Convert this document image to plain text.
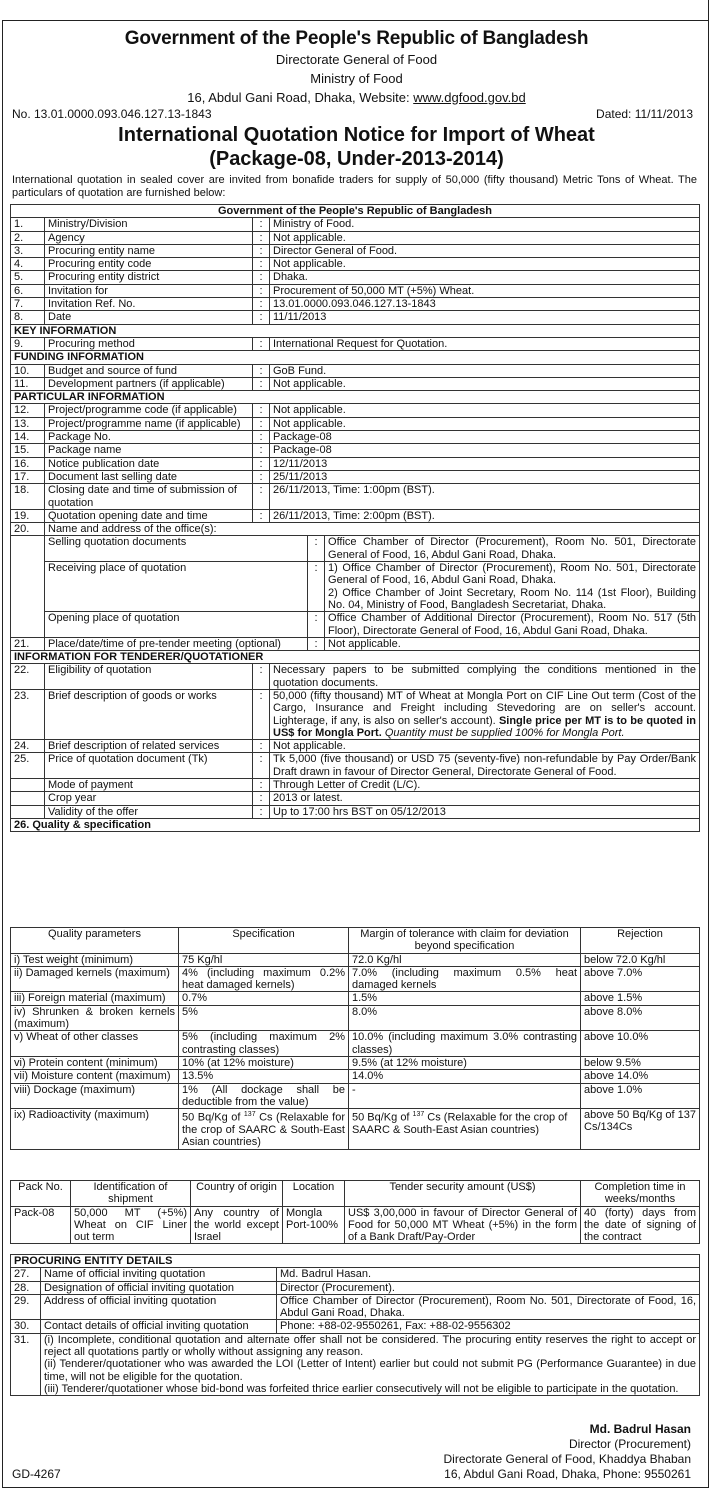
Government of the People's Republic of Bangladesh
Directorate General of Food
Ministry of Food
16, Abdul Gani Road, Dhaka, Website: www.dgfood.gov.bd
No. 13.01.0000.093.046.127.13-1843	Dated: 11/11/2013
International Quotation Notice for Import of Wheat
(Package-08, Under-2013-2014)
International quotation in sealed cover are invited from bonafide traders for supply of 50,000 (fifty thousand) Metric Tons of Wheat. The particulars of quotation are furnished below:
Government of the People's Republic of Bangladesh					
1.	Ministry/Division	:	Ministry of Food.		
2.	Agency	:	Not applicable.		
3.	Procuring entity name	:	Director General of Food.		
4.	Procuring entity code	:	Not applicable.		
5.	Procuring entity district	:	Dhaka.		
6.	Invitation for	:	Procurement of 50,000 MT (+5%) Wheat.		
7.	Invitation Ref. No.	:	13.01.0000.093.046.127.13-1843		
8.	Date	:	11/11/2013		
KEY INFORMATION					
9.	Procuring method	:	International Request for Quotation.		
FUNDING INFORMATION					
10.	Budget and source of fund	:	GoB Fund.		
11.	Development partners (if applicable)	:	Not applicable.		
PARTICULAR INFORMATION					
12.	Project/programme code (if applicable)	:	Not applicable.		
13.	Project/programme name (if applicable)	:	Not applicable.		
14.	Package No.	:	Package-08		
15.	Package name	:	Package-08		
16.	Notice publication date	:	12/11/2013		
17.	Document last selling date	:	25/11/2013		
18.	Closing date and time of submission of quotation	:	26/11/2013, Time: 1:00pm (BST).		
19.	Quotation opening date and time	:	26/11/2013, Time: 2:00pm (BST).		
20.	Name and address of the office(s):				
	Selling quotation documents			:	Office Chamber of Director (Procurement), Room No. 501, Directorate General of Food, 16, Abdul Gani Road, Dhaka.
	Receiving place of quotation			:	1) Office Chamber of Director (Procurement), Room No. 501, Directorate General of Food, 16, Abdul Gani Road, Dhaka.
2) Office Chamber of Joint Secretary, Room No. 114 (1st Floor), Building No. 04, Ministry of Food, Bangladesh Secretariat, Dhaka.

	Opening place of quotation			:	Office Chamber of Additional Director (Procurement), Room No. 517 (5th Floor), Directorate General of Food, 16, Abdul Gani Road, Dhaka.
21.	Place/date/time of pre-tender meeting (optional)			:	Not applicable.
INFORMATION FOR TENDERER/QUOTATIONER					
22.	Eligibility of quotation	:	Necessary papers to be submitted complying the conditions mentioned in the quotation documents.		
23.	Brief description of goods or works	:	50,000 (fifty thousand) MT of Wheat at Mongla Port on CIF Line Out term (Cost of the Cargo, Insurance and Freight including Stevedoring are on seller's account. Lighterage, if any, is also on seller's account). Single price per MT is to be quoted in US$ for Mongla Port. Quantity must be supplied 100% for Mongla Port.		
24.	Brief description of related services	:	Not applicable.		
25.	Price of quotation document (Tk)	:	Tk 5,000 (five thousand) or USD 75 (seventy-five) non-refundable by Pay Order/Bank Draft drawn in favour of Director General, Directorate General of Food.		
	Mode of payment	:	Through Letter of Credit (L/C).		
	Crop year	:	2013 or latest.		
	Validity of the offer	:	Up to 17:00 hrs BST on 05/12/2013		
26. Quality & specification					
Quality parameters	Specification	Margin of tolerance with claim for deviation beyond specification	Rejection
i) Test weight (minimum)	75 Kg/hl	72.0 Kg/hl	below 72.0 Kg/hl
ii) Damaged kernels (maximum)	4% (including maximum 0.2% heat damaged kernels)	7.0% (including maximum 0.5% heat damaged kernels	above 7.0%
iii) Foreign material (maximum)	0.7%	1.5%	above 1.5%
iv) Shrunken & broken kernels (maximum)	5%	8.0%	above 8.0%
v) Wheat of other classes	5% (including maximum 2% contrasting classes)	10.0% (including maximum 3.0% contrasting classes)	above 10.0%
vi) Protein content (minimum)	10% (at 12% moisture)	9.5% (at 12% moisture)	below 9.5%
vii) Moisture content (maximum)	13.5%	14.0%	above 14.0%
viii) Dockage (maximum)	1% (All dockage shall be deductible from the value)	-	above 1.0%
ix) Radioactivity (maximum)	50 Bq/Kg of $^{137}$ Cs (Relaxable for the crop of SAARC & South-East Asian countries)	50 Bq/Kg of $^{137}$ Cs (Relaxable for the crop of SAARC & South-East Asian countries)	above 50 Bq/Kg of 137 Cs/134Cs
Pack No.	Identification of shipment	Country of origin	Location	Tender security amount (US$)	Completion time in weeks/months
Pack-08	50,000 MT (+5%) Wheat on CIF Liner out term	Any country of the world except Israel	Mongla Port-100%	US$ 3,00,000 in favour of Director General of Food for 50,000 MT Wheat (+5%) in the form of a Bank Draft/Pay-Order	40 (forty) days from the date of signing of the contract
PROCURING ENTITY DETAILS		
27.	Name of official inviting quotation	Md. Badrul Hasan.
28.	Designation of official inviting quotation	Director (Procurement).
29.	Address of official inviting quotation	Office Chamber of Director (Procurement), Room No. 501, Directorate of Food, 16, Abdul Gani Road, Dhaka.
30.	Contact details of official inviting quotation	Phone: +88-02-9550261, Fax: +88-02-9556302
31.	(i) Incomplete, conditional quotation and alternate offer shall not be considered. The procuring entity reserves the right to accept or reject all quotations partly or wholly without assigning any reason.
(ii) Tenderer/quotationer who was awarded the LOI (Letter of Intent) earlier but could not submit PG (Performance Guarantee) in due time, will not be eligible for the quotation.
(iii) Tenderer/quotationer whose bid-bond was forfeited thrice earlier consecutively will not be eligible to participate in the quotation.	
Md. Badrul Hasan
Director (Procurement)
Directorate General of Food, Khaddya Bhaban
16, Abdul Gani Road, Dhaka, Phone: 9550261
GD-4267
